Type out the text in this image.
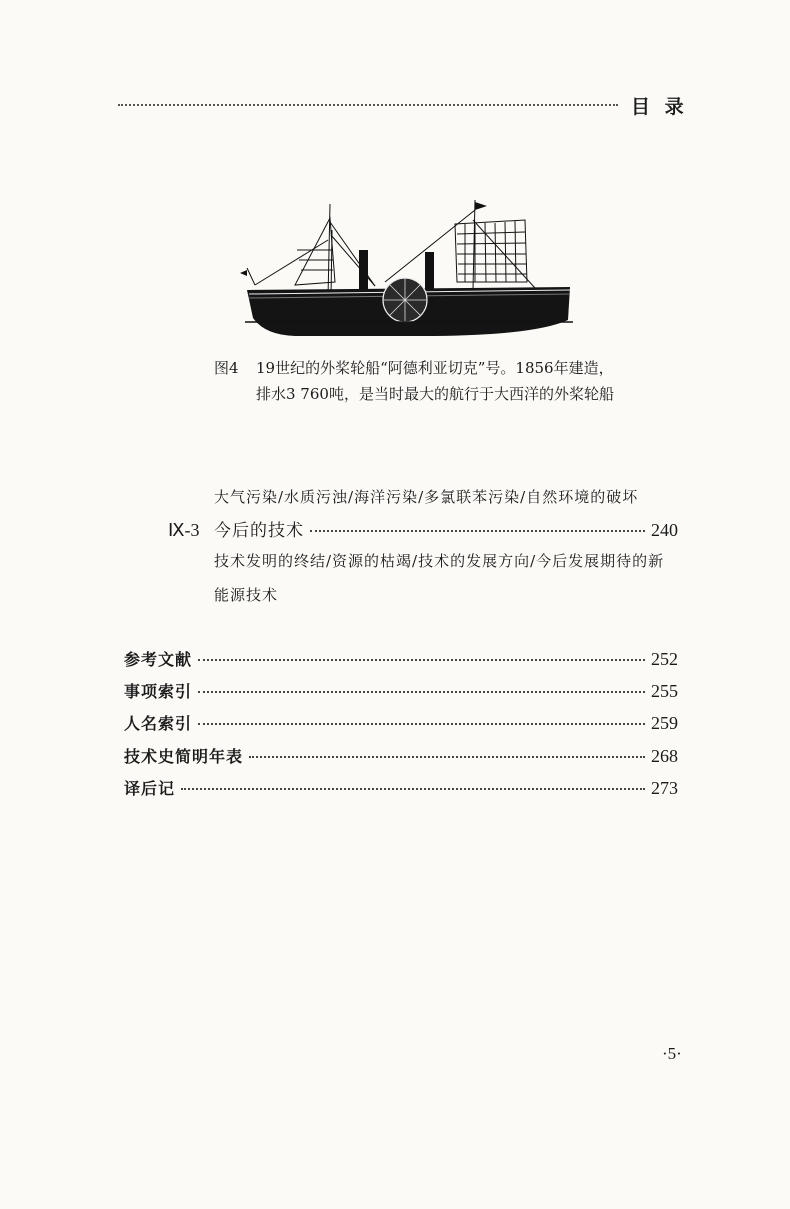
目 录
图4 19世纪的外桨轮船“阿德利亚切克”号。1856年建造，
排水3 760吨，是当时最大的航行于大西洋的外桨轮船
大气污染/水质污浊/海洋污染/多氯联苯污染/自然环境的破坏
Ⅸ-3 今后的技术	240
技术发明的终结/资源的枯竭/技术的发展方向/今后发展期待的新
能源技术
参考文献	252
事项索引	255
人名索引	259
技术史简明年表	268
译后记	273
·5·
